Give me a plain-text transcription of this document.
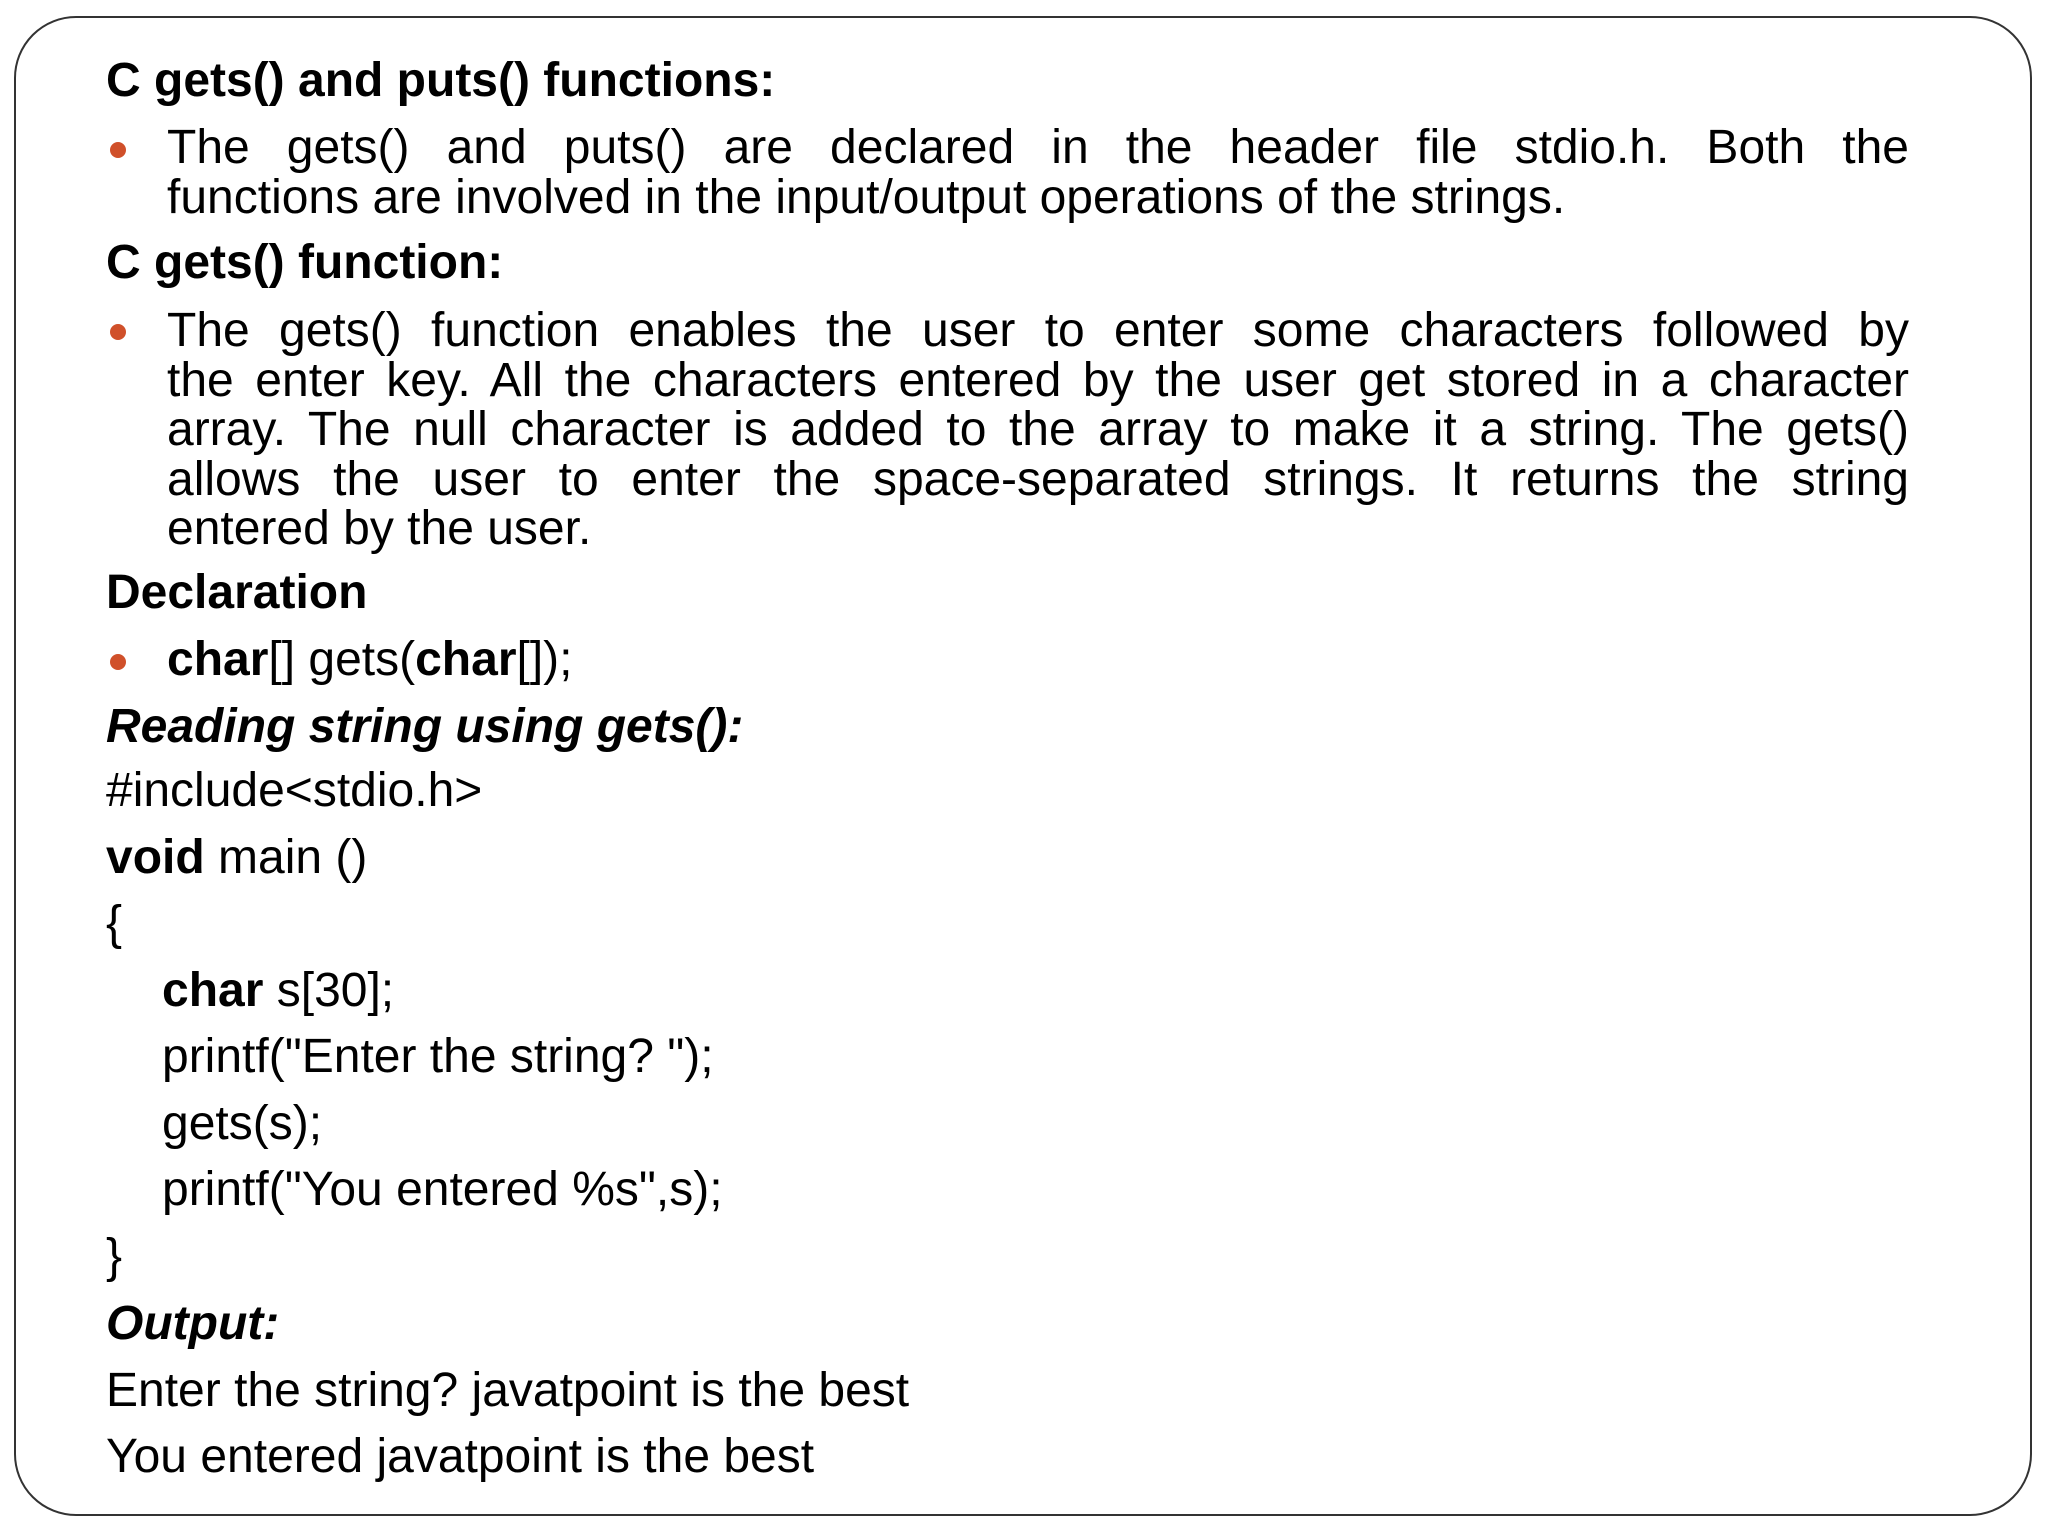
C gets() and puts() functions:
The gets() and puts() are declared in the header file stdio.h. Both the
functions are involved in the input/output operations of the strings.
C gets() function:
The gets() function enables the user to enter some characters followed by
the enter key. All the characters entered by the user get stored in a character
array. The null character is added to the array to make it a string. The gets()
allows the user to enter the space-separated strings. It returns the string
entered by the user.
Declaration
char[] gets(char[]);
Reading string using gets():
#include<stdio.h>
void main ()
{
char s[30];
printf("Enter the string? ");
gets(s);
printf("You entered %s",s);
}
Output:
Enter the string? javatpoint is the best
You entered javatpoint is the best
